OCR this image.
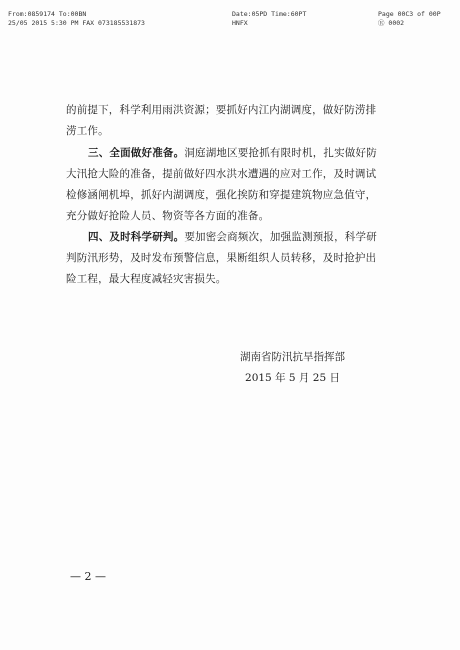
From:0859174 To:00BN
25/05 2015 5:30 PM FAX 073185531873
Date:05PD Time:60PT
HNFX
Page 00C3 of 00P
Ⓡ 0002
的前提下，科学利用雨洪资源；要抓好内江内湖调度，做好防涝排
涝工作。
三、全面做好准备。洞庭湖地区要抢抓有限时机，扎实做好防
大汛抢大险的准备，提前做好四水洪水遭遇的应对工作，及时调试
检修涵闸机埠，抓好内湖调度，强化挨防和穿提建筑物应急值守，
充分做好抢险人员、物资等各方面的准备。
四、及时科学研判。要加密会商频次，加强监测预报，科学研
判防汛形势，及时发布预警信息，果断组织人员转移，及时抢护出
险工程，最大程度减轻灾害损失。
湖南省防汛抗旱指挥部
2015 年 5 月 25 日
— 2 —
